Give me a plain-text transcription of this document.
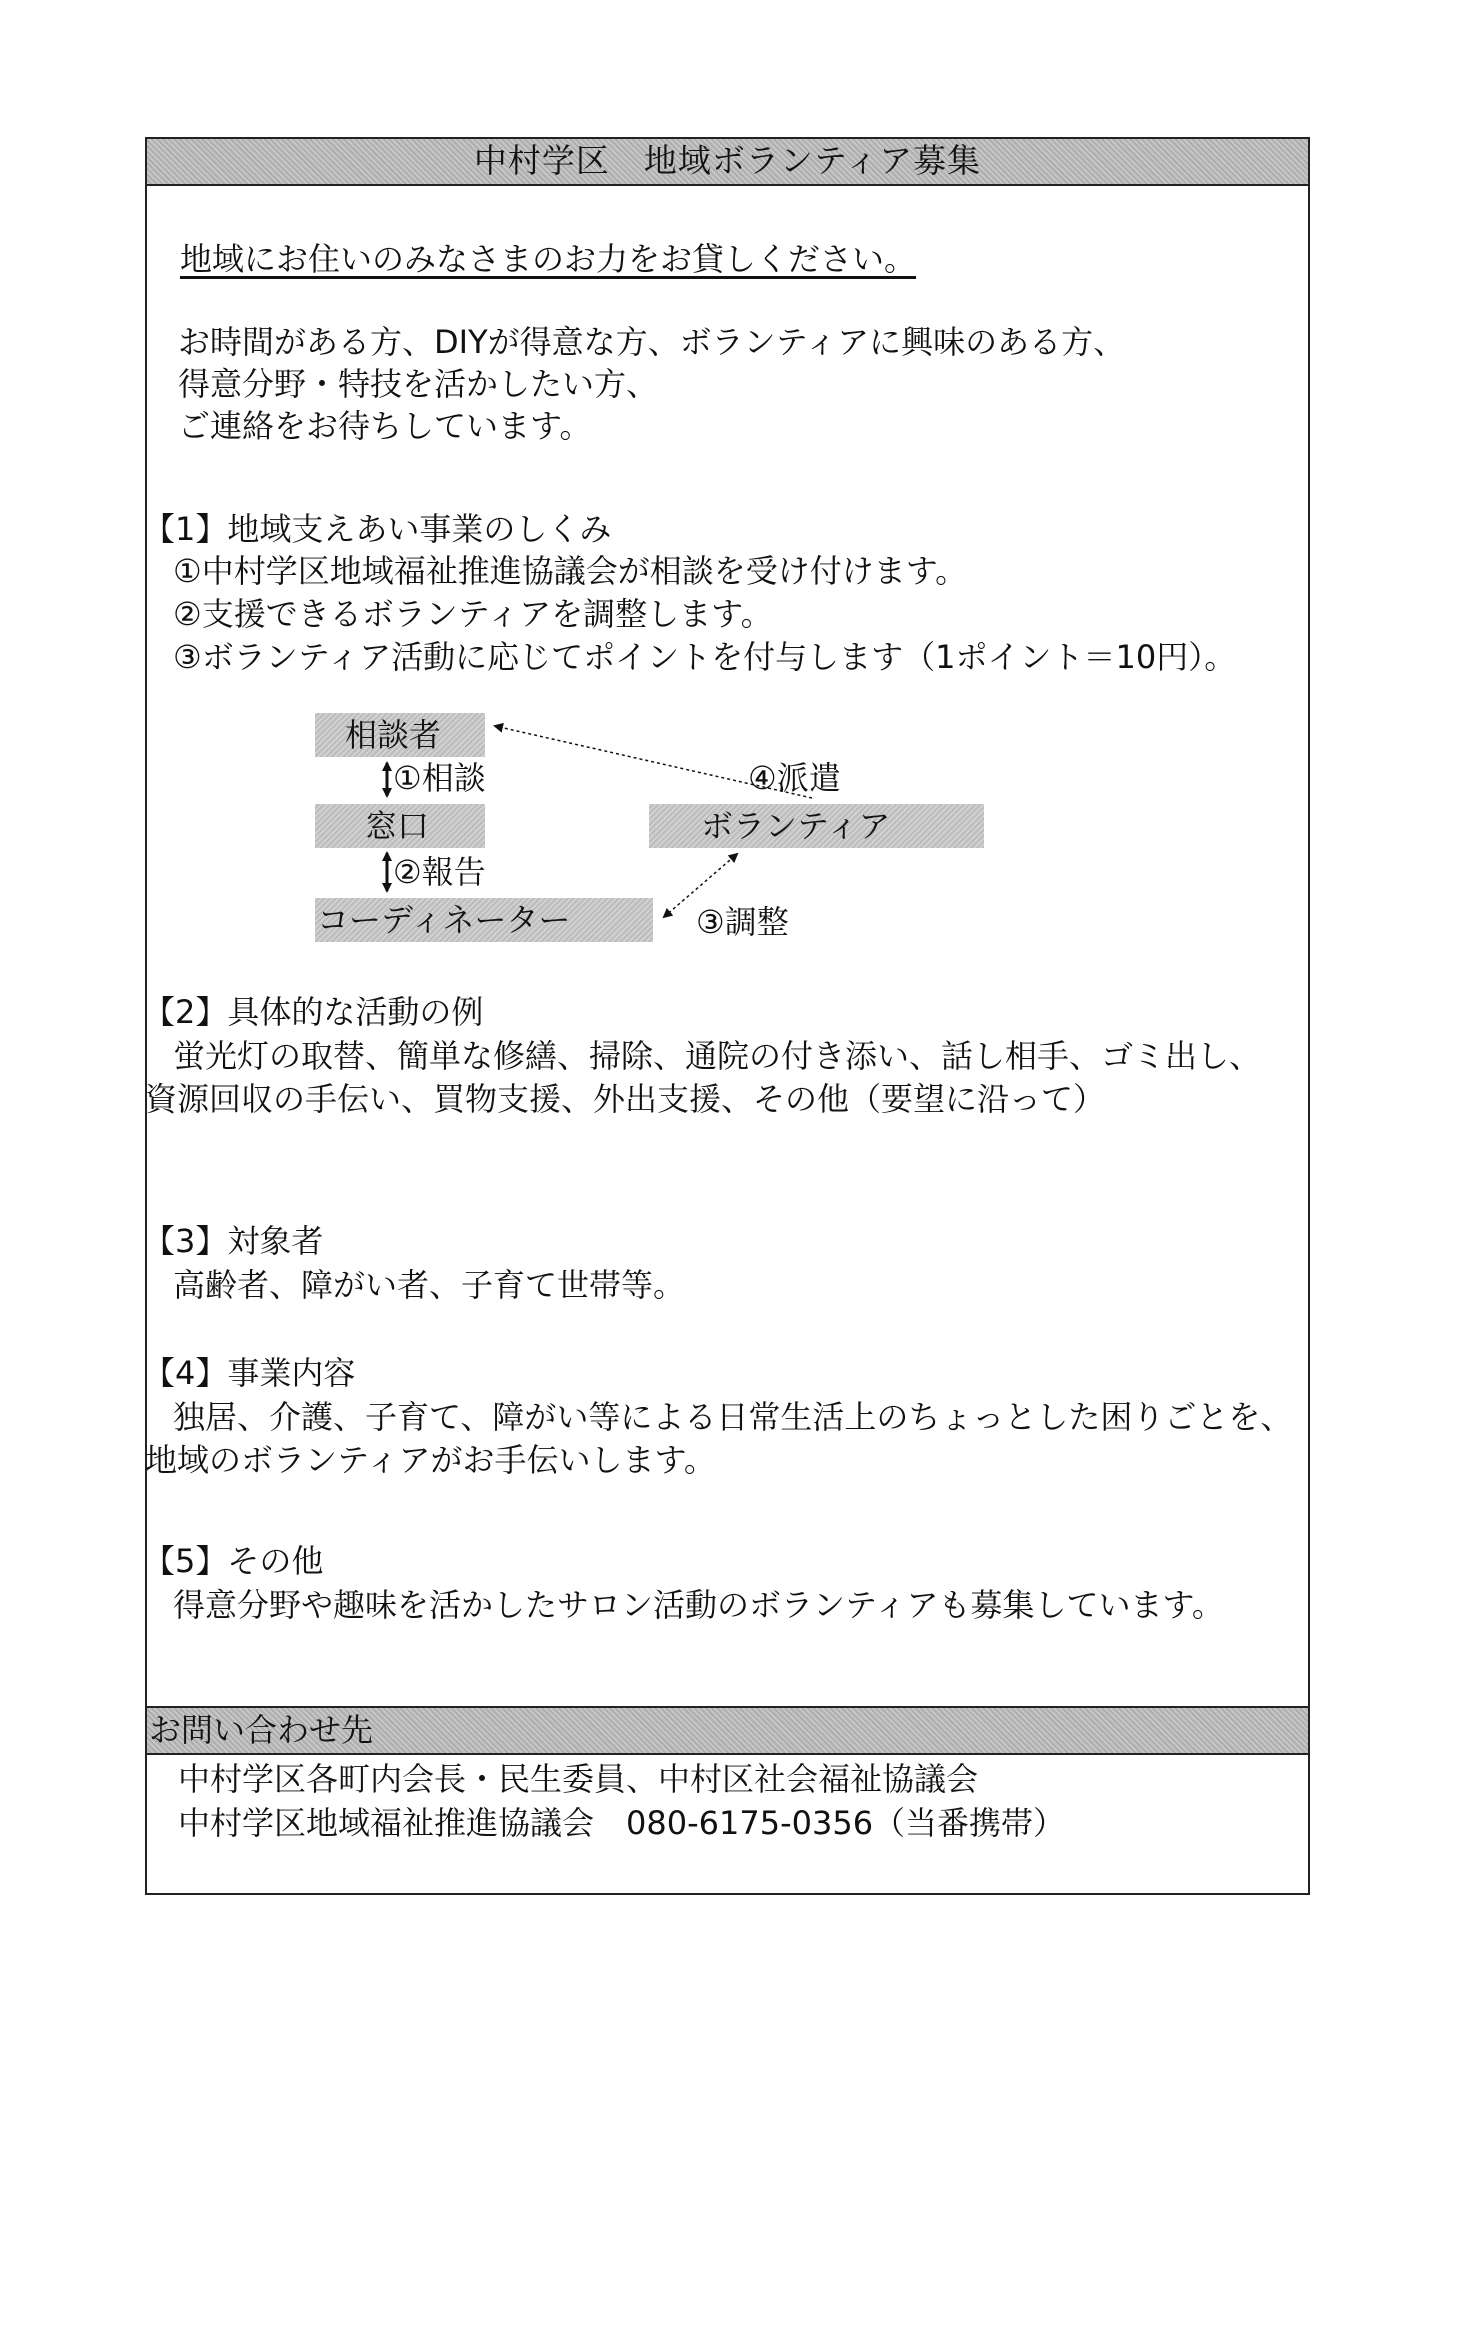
中村学区　地域ボランティア募集
地域にお住いのみなさまのお力をお貸しください。
お時間がある方、DIYが得意な方、ボランティアに興味のある方、
得意分野・特技を活かしたい方、
ご連絡をお待ちしています。
【1】地域支えあい事業のしくみ
①中村学区地域福祉推進協議会が相談を受け付けます。
②支援できるボランティアを調整します。
③ボランティア活動に応じてポイントを付与します（1ポイント＝10円）。
相談者
窓口
コーディネーター
ボランティア
①相談
②報告
③調整
④派遣
【2】具体的な活動の例
蛍光灯の取替、簡単な修繕、掃除、通院の付き添い、話し相手、ゴミ出し、
資源回収の手伝い、買物支援、外出支援、その他（要望に沿って）
【3】対象者
高齢者、障がい者、子育て世帯等。
【4】事業内容
独居、介護、子育て、障がい等による日常生活上のちょっとした困りごとを、
地域のボランティアがお手伝いします。
【5】その他
得意分野や趣味を活かしたサロン活動のボランティアも募集しています。
お問い合わせ先
中村学区各町内会長・民生委員、中村区社会福祉協議会
中村学区地域福祉推進協議会　080-6175-0356（当番携帯）
